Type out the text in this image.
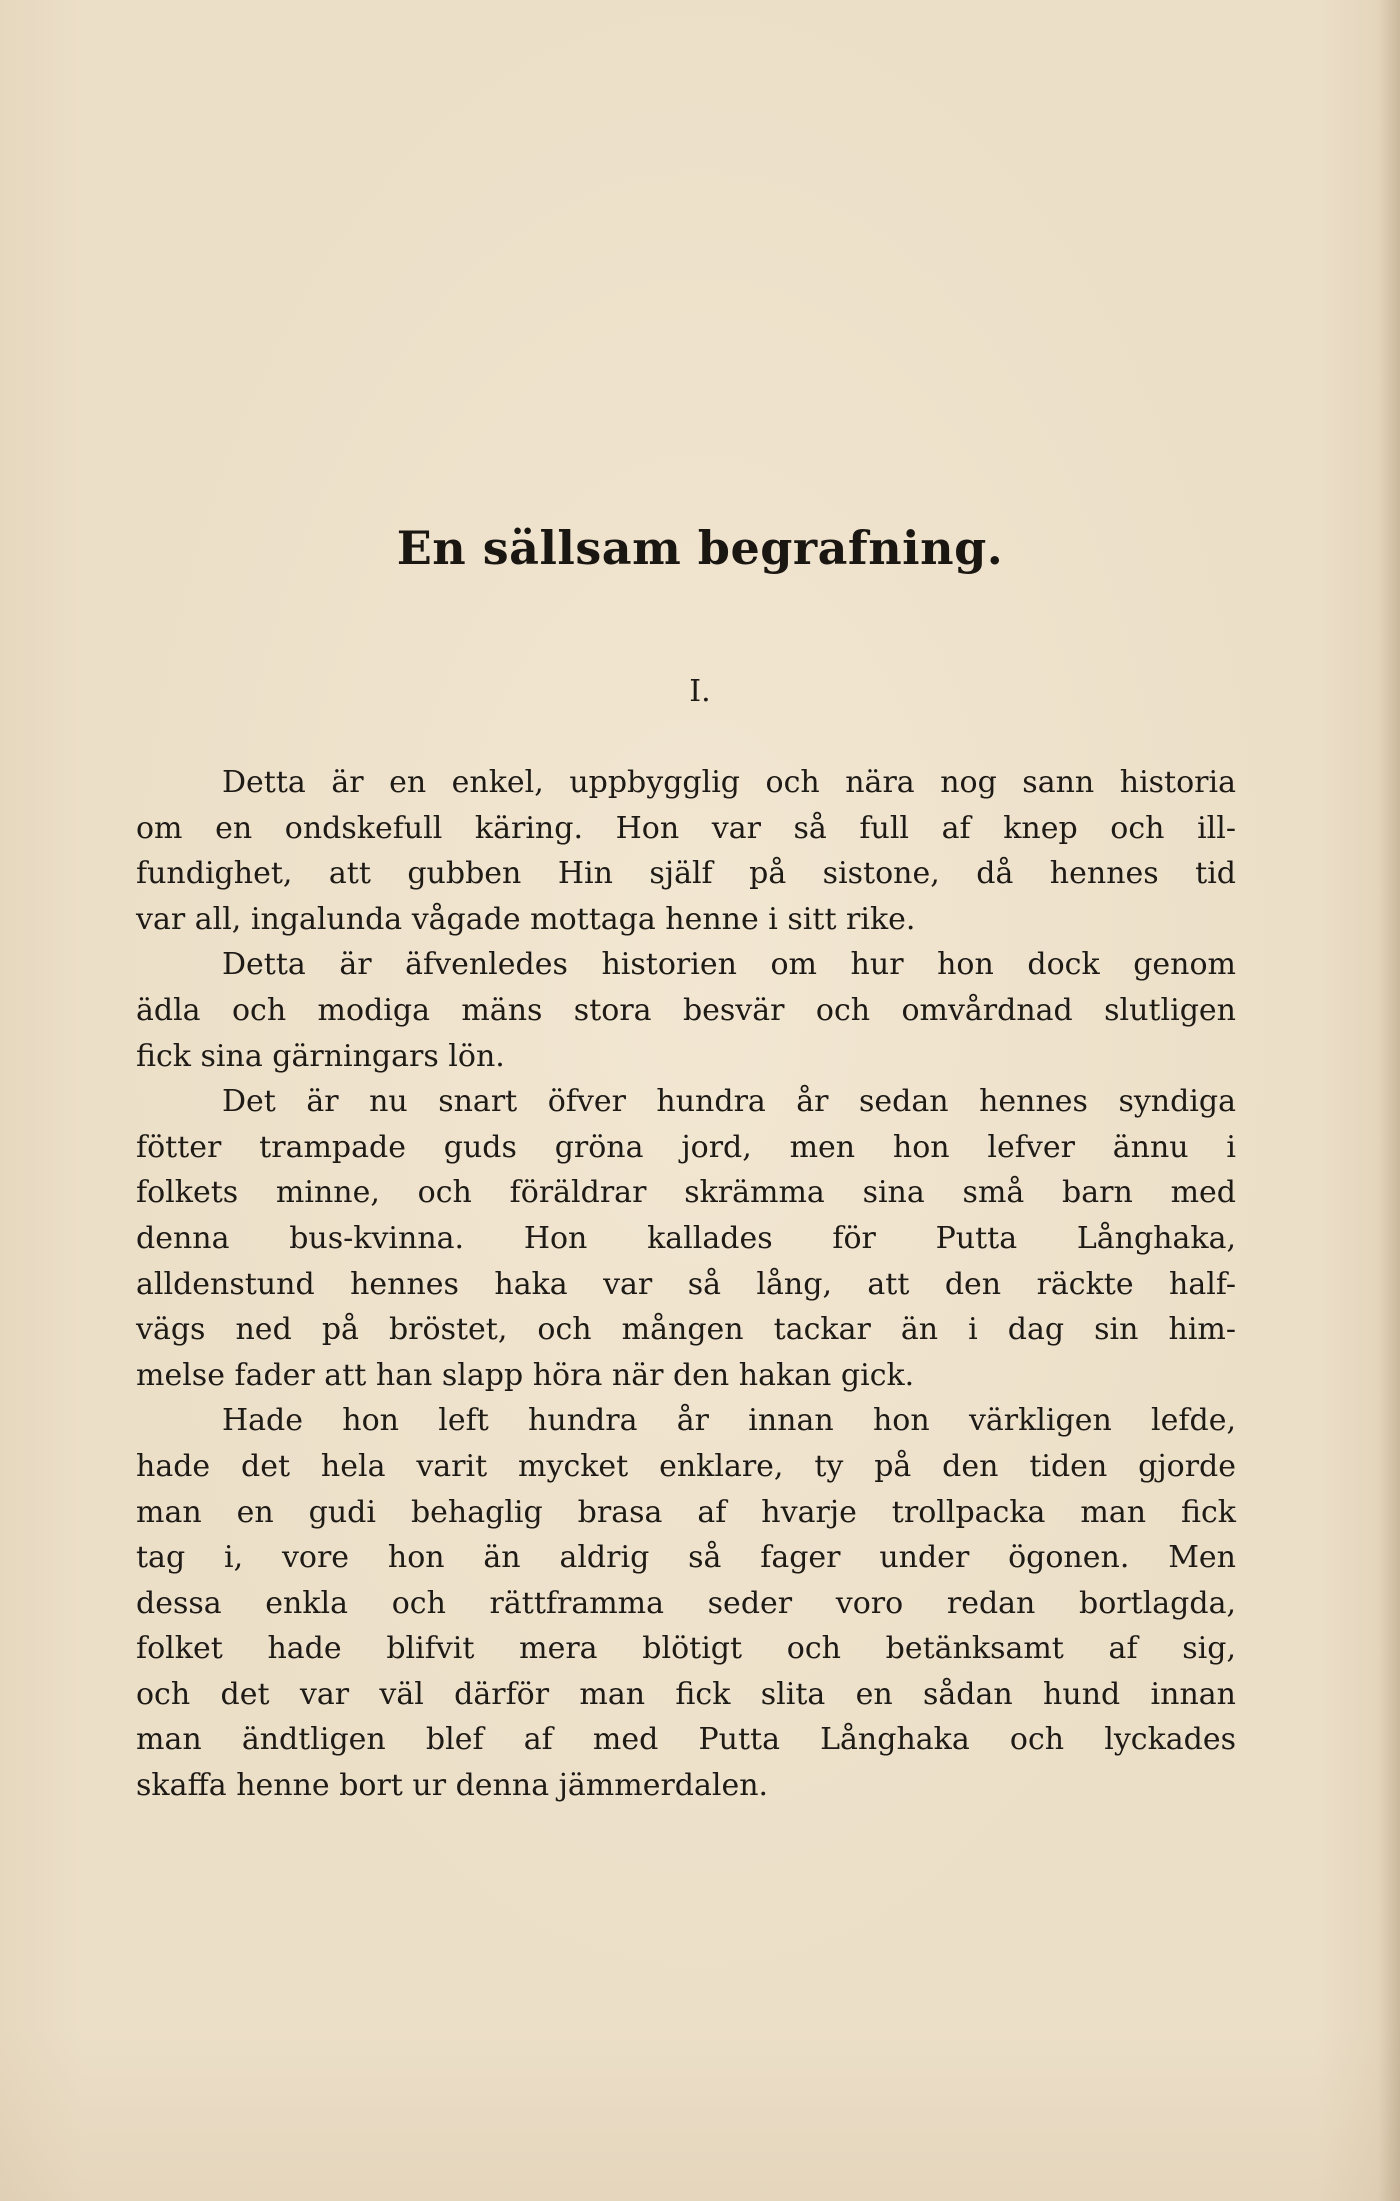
En sällsam begrafning.
I.

Detta är en enkel, uppbygglig och nära nog sann historia
om en ondskefull käring. Hon var så full af knep och ill-
fundighet, att gubben Hin själf på sistone, då hennes tid
var all, ingalunda vågade mottaga henne i sitt rike.

Detta är äfvenledes historien om hur hon dock genom
ädla och modiga mäns stora besvär och omvårdnad slutligen
fick sina gärningars lön.

Det är nu snart öfver hundra år sedan hennes syndiga
fötter trampade guds gröna jord, men hon lefver ännu i
folkets minne, och föräldrar skrämma sina små barn med
denna bus-kvinna. Hon kallades för Putta Långhaka,
alldenstund hennes haka var så lång, att den räckte half-
vägs ned på bröstet, och mången tackar än i dag sin him-
melse fader att han slapp höra när den hakan gick.

Hade hon left hundra år innan hon värkligen lefde,
hade det hela varit mycket enklare, ty på den tiden gjorde
man en gudi behaglig brasa af hvarje trollpacka man fick
tag i, vore hon än aldrig så fager under ögonen. Men
dessa enkla och rättframma seder voro redan bortlagda,
folket hade blifvit mera blötigt och betänksamt af sig,
och det var väl därför man fick slita en sådan hund innan
man ändtligen blef af med Putta Långhaka och lyckades
skaffa henne bort ur denna jämmerdalen.
